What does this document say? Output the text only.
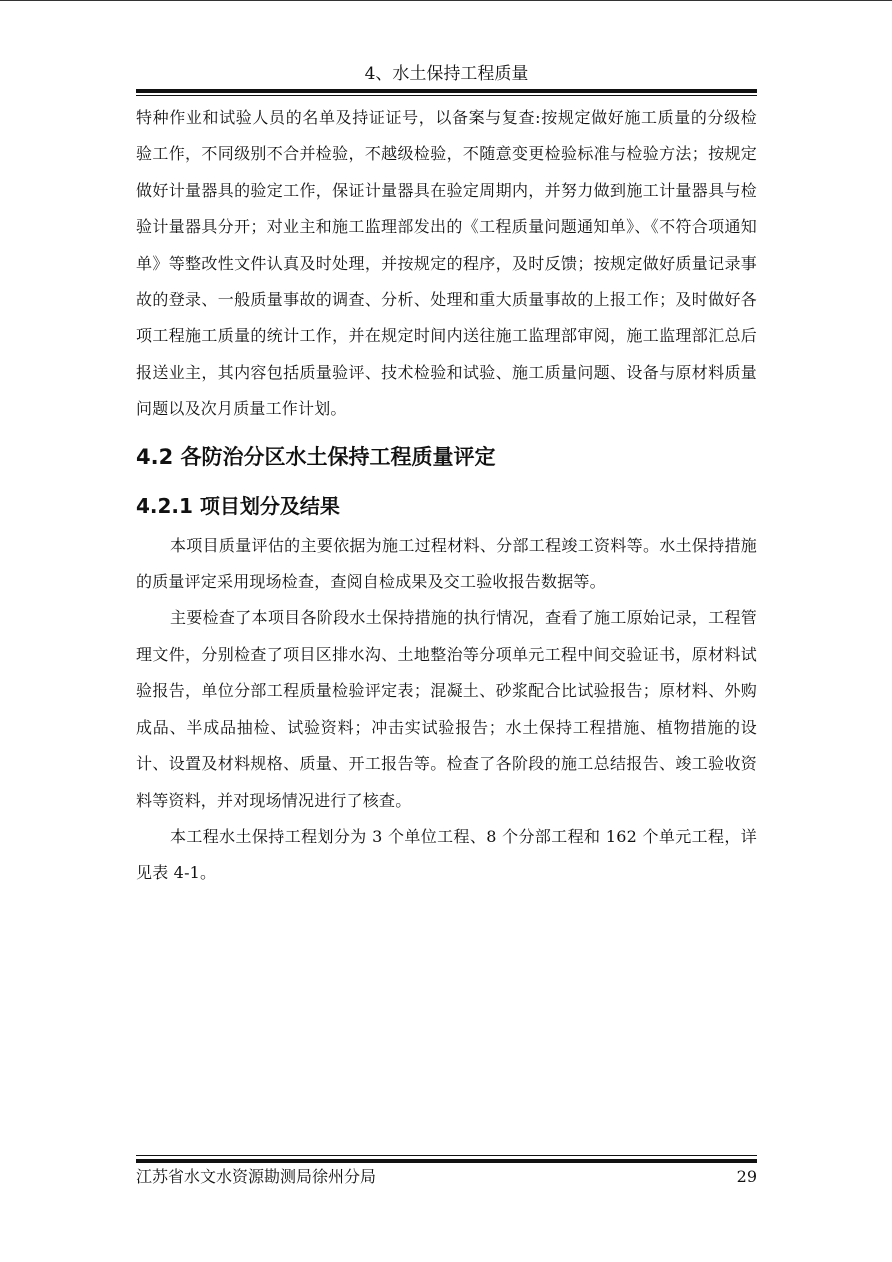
4、水土保持工程质量

特种作业和试验人员的名单及持证证号，以备案与复查:按规定做好施工质量的分级检验工作，不同级别不合并检验，不越级检验，不随意变更检验标准与检验方法；按规定做好计量器具的验定工作，保证计量器具在验定周期内，并努力做到施工计量器具与检验计量器具分开；对业主和施工监理部发出的《工程质量问题通知单》、《不符合项通知单》等整改性文件认真及时处理，并按规定的程序，及时反馈；按规定做好质量记录事故的登录、一般质量事故的调查、分析、处理和重大质量事故的上报工作；及时做好各项工程施工质量的统计工作，并在规定时间内送往施工监理部审阅，施工监理部汇总后报送业主，其内容包括质量验评、技术检验和试验、施工质量问题、设备与原材料质量问题以及次月质量工作计划。

4.2 各防治分区水土保持工程质量评定
4.2.1 项目划分及结果

本项目质量评估的主要依据为施工过程材料、分部工程竣工资料等。水土保持措施的质量评定采用现场检查，查阅自检成果及交工验收报告数据等。

主要检查了本项目各阶段水土保持措施的执行情况，查看了施工原始记录，工程管理文件，分别检查了项目区排水沟、土地整治等分项单元工程中间交验证书，原材料试验报告，单位分部工程质量检验评定表；混凝土、砂浆配合比试验报告；原材料、外购成品、半成品抽检、试验资料；冲击实试验报告；水土保持工程措施、植物措施的设计、设置及材料规格、质量、开工报告等。检查了各阶段的施工总结报告、竣工验收资料等资料，并对现场情况进行了核查。

本工程水土保持工程划分为 3 个单位工程、8 个分部工程和 162 个单元工程，详见表 4-1。

江苏省水文水资源勘测局徐州分局	29
